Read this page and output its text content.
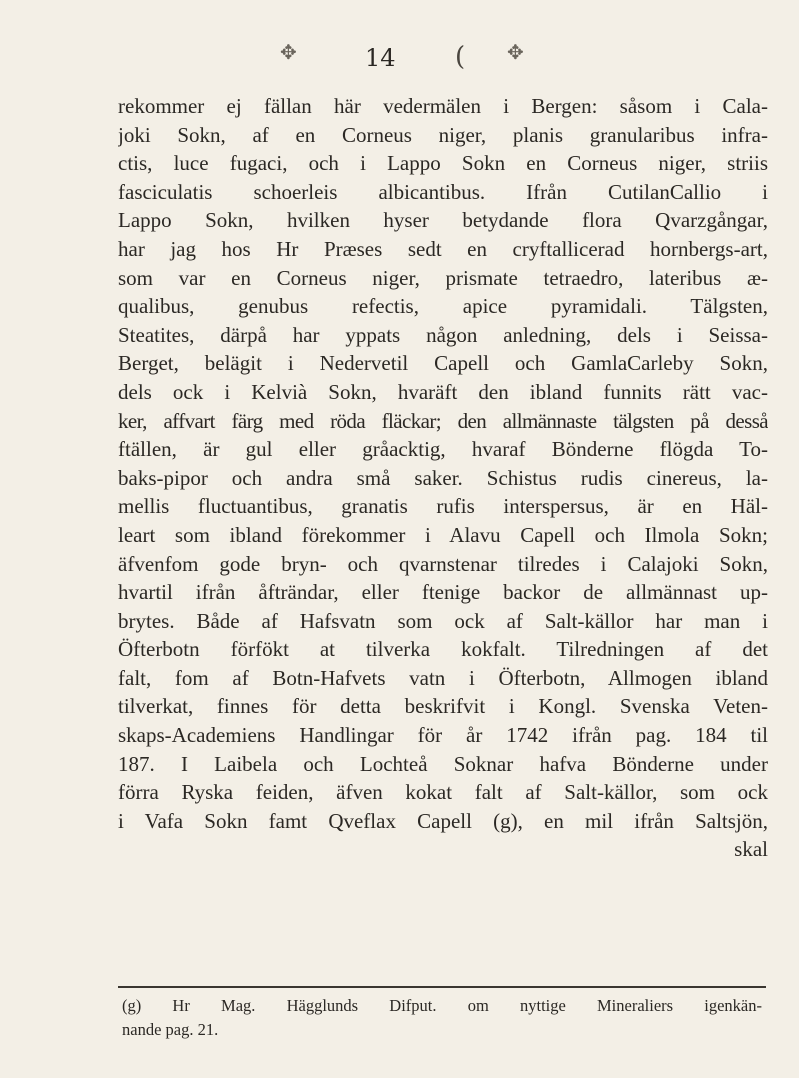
✥	14 ( ✥
rekommer ej fällan här vedermälen i Bergen: såsom i Cala-
joki Sokn, af en Corneus niger, planis granularibus infra-
ctis, luce fugaci, och i Lappo Sokn en Corneus niger, striis
fasciculatis schoerleis albicantibus. Ifrån CutilanCallio i
Lappo Sokn, hvilken hyser betydande flora Qvarzgångar,
har jag hos Hr Præses sedt en cryftallicerad hornbergs-art,
som var en Corneus niger, prismate tetraedro, lateribus æ-
qualibus, genubus refectis, apice pyramidali. Tälgsten,
Steatites, därpå har yppats någon anledning, dels i Seissa-
Berget, belägit i Nedervetil Capell och GamlaCarleby Sokn,
dels ock i Kelvià Sokn, hvaräft den ibland funnits rätt vac-
ker, affvart färg med röda fläckar; den allmännaste tälgsten på desså
ftällen, är gul eller gråacktig, hvaraf Bönderne flögda To-
baks-pipor och andra små saker. Schistus rudis cinereus, la-
mellis fluctuantibus, granatis rufis interspersus, är en Häl-
leart som ibland förekommer i Alavu Capell och Ilmola Sokn;
äfvenfom gode bryn- och qvarnstenar tilredes i Calajoki Sokn,
hvartil ifrån åfträndar, eller ftenige backor de allmännast up-
brytes. Både af Hafsvatn som ock af Salt-källor har man i
Öfterbotn förfökt at tilverka kokfalt. Tilredningen af det
falt, fom af Botn-Hafvets vatn i Öfterbotn, Allmogen ibland
tilverkat, finnes för detta beskrifvit i Kongl. Svenska Veten-
skaps-Academiens Handlingar för år 1742 ifrån pag. 184 til
187. I Laibela och Lochteå Soknar hafva Bönderne under
förra Ryska feiden, äfven kokat falt af Salt-källor, som ock
i Vafa Sokn famt Qveflax Capell (g), en mil ifrån Saltsjön,
skal
(g) Hr Mag. Hägglunds Difput. om nyttige Mineraliers igenkän-
nande pag. 21.
